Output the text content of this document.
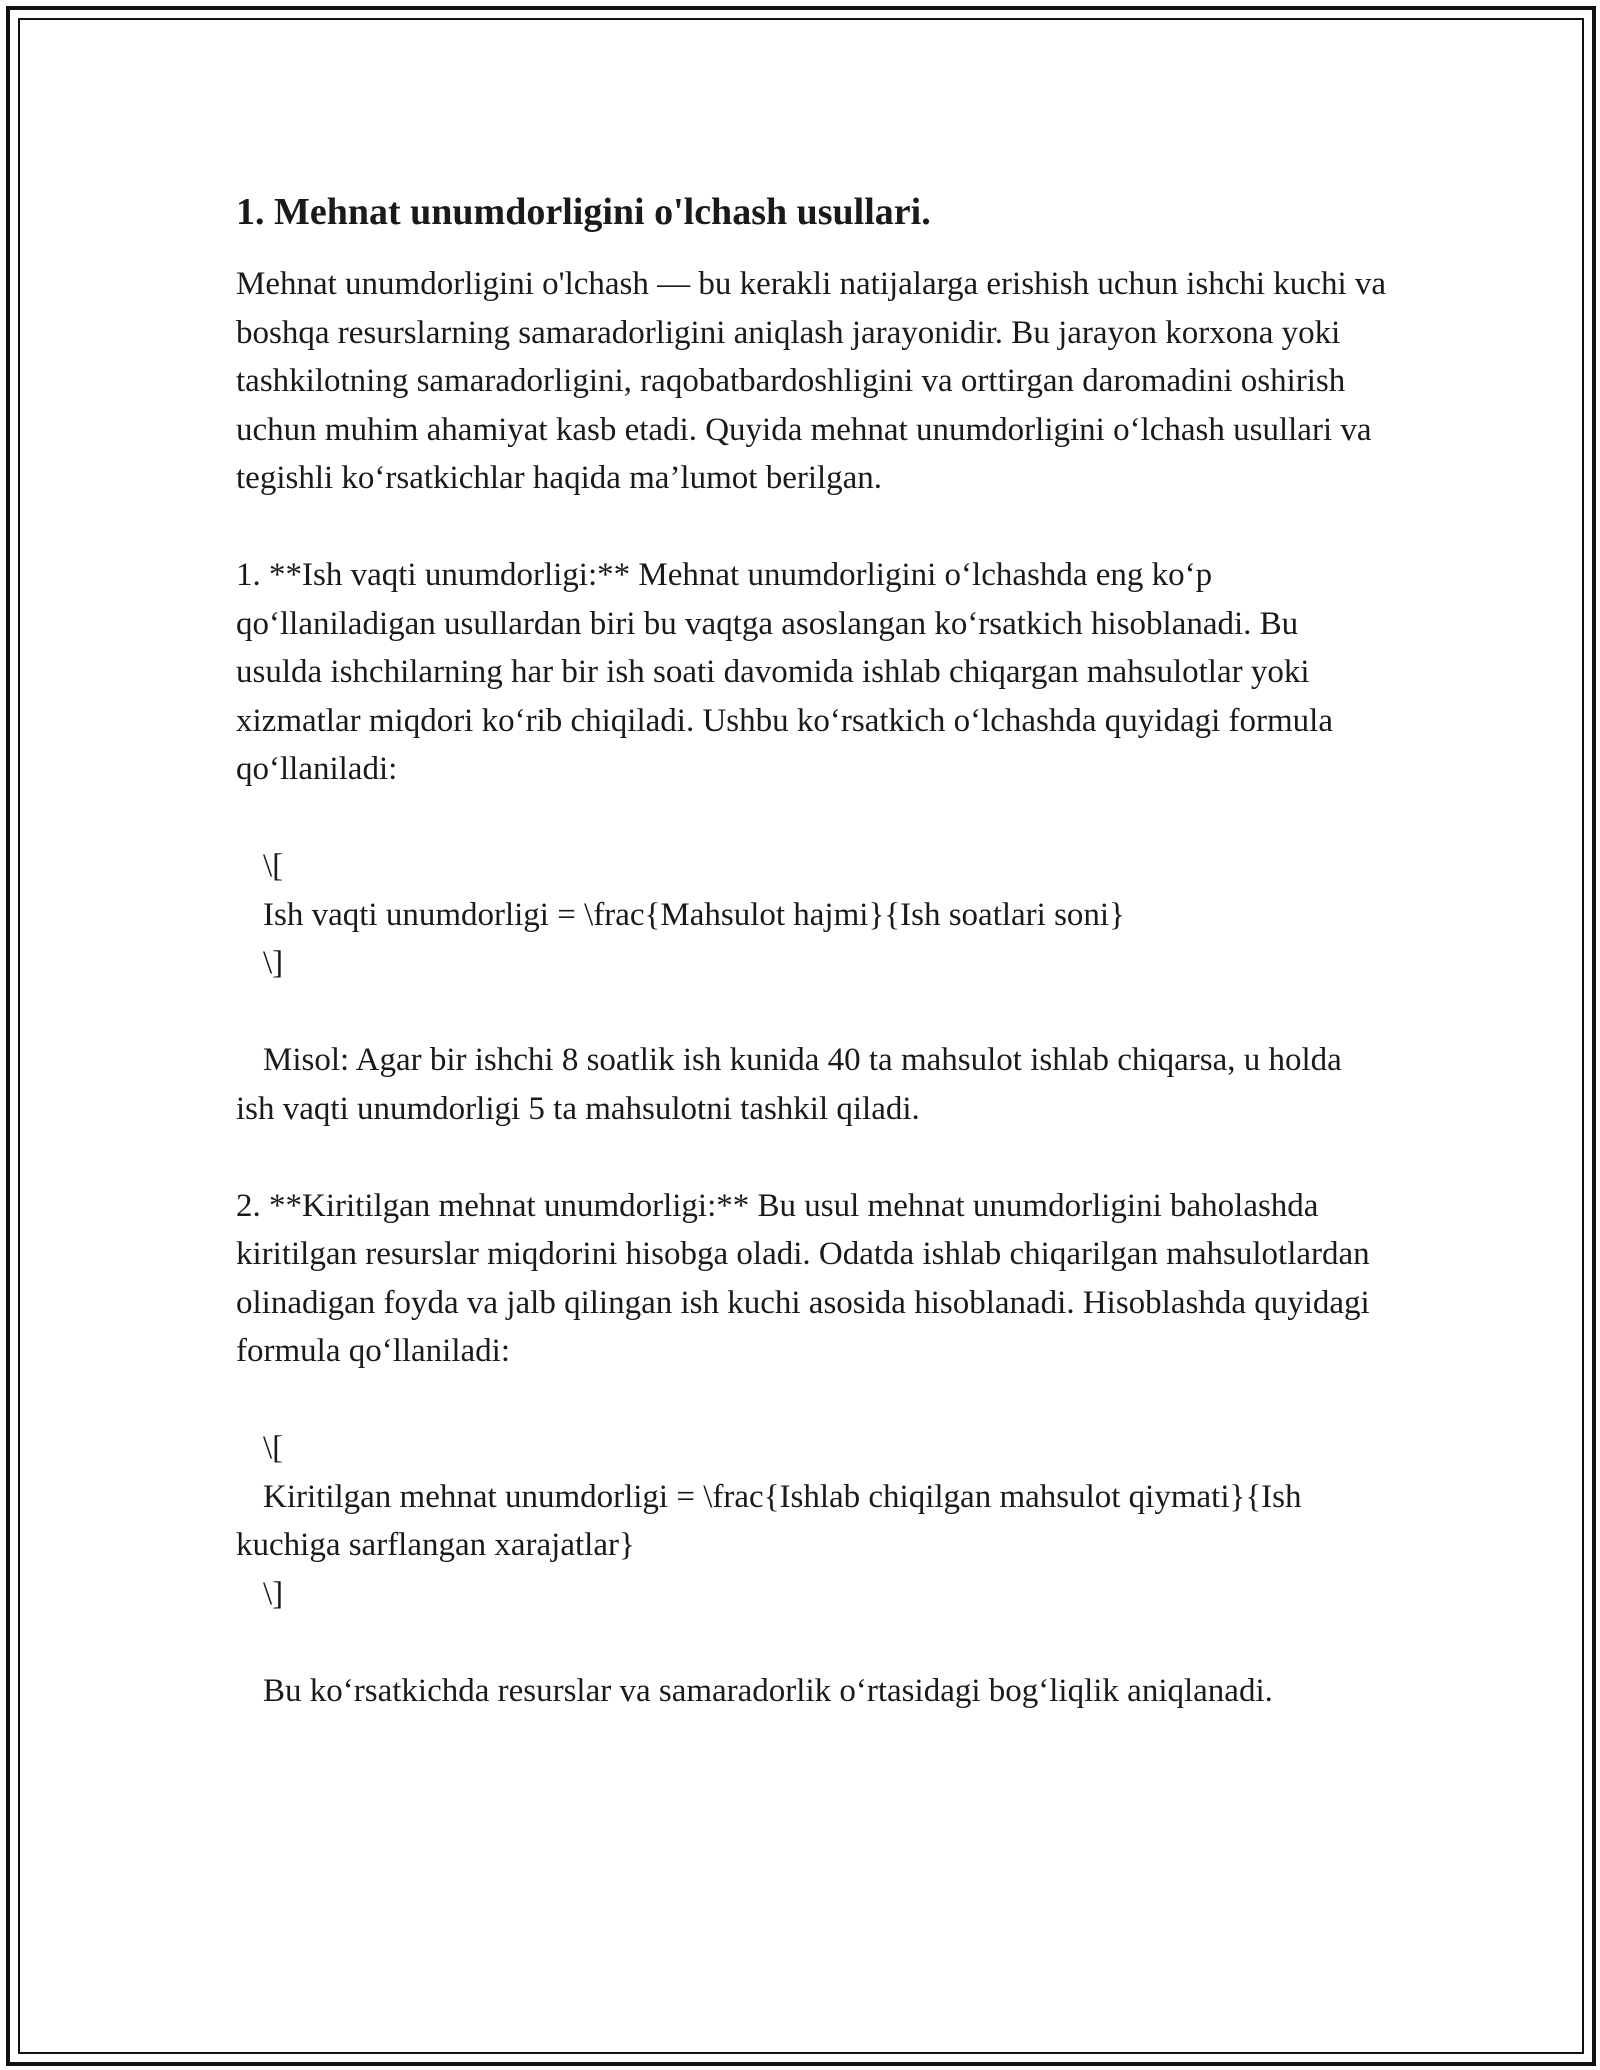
1. Mehnat unumdorligini o'lchash usullari.

Mehnat unumdorligini o'lchash — bu kerakli natijalarga erishish uchun ishchi kuchi va boshqa resurslarning samaradorligini aniqlash jarayonidir. Bu jarayon korxona yoki tashkilotning samaradorligini, raqobatbardoshligini va orttirgan daromadini oshirish uchun muhim ahamiyat kasb etadi. Quyida mehnat unumdorligini o‘lchash usullari va tegishli ko‘rsatkichlar haqida ma’lumot berilgan.

1. **Ish vaqti unumdorligi:** Mehnat unumdorligini o‘lchashda eng ko‘p qo‘llaniladigan usullardan biri bu vaqtga asoslangan ko‘rsatkich hisoblanadi. Bu usulda ishchilarning har bir ish soati davomida ishlab chiqargan mahsulotlar yoki xizmatlar miqdori ko‘rib chiqiladi. Ushbu ko‘rsatkich o‘lchashda quyidagi formula qo‘llaniladi:

\[

Ish vaqti unumdorligi = \frac{Mahsulot hajmi}{Ish soatlari soni}

\]

Misol: Agar bir ishchi 8 soatlik ish kunida 40 ta mahsulot ishlab chiqarsa, u holda ish vaqti unumdorligi 5 ta mahsulotni tashkil qiladi.

2. **Kiritilgan mehnat unumdorligi:** Bu usul mehnat unumdorligini baholashda kiritilgan resurslar miqdorini hisobga oladi. Odatda ishlab chiqarilgan mahsulotlardan olinadigan foyda va jalb qilingan ish kuchi asosida hisoblanadi. Hisoblashda quyidagi formula qo‘llaniladi:

\[

Kiritilgan mehnat unumdorligi = \frac{Ishlab chiqilgan mahsulot qiymati}{Ish kuchiga sarflangan xarajatlar}

\]

Bu ko‘rsatkichda resurslar va samaradorlik o‘rtasidagi bog‘liqlik aniqlanadi.
